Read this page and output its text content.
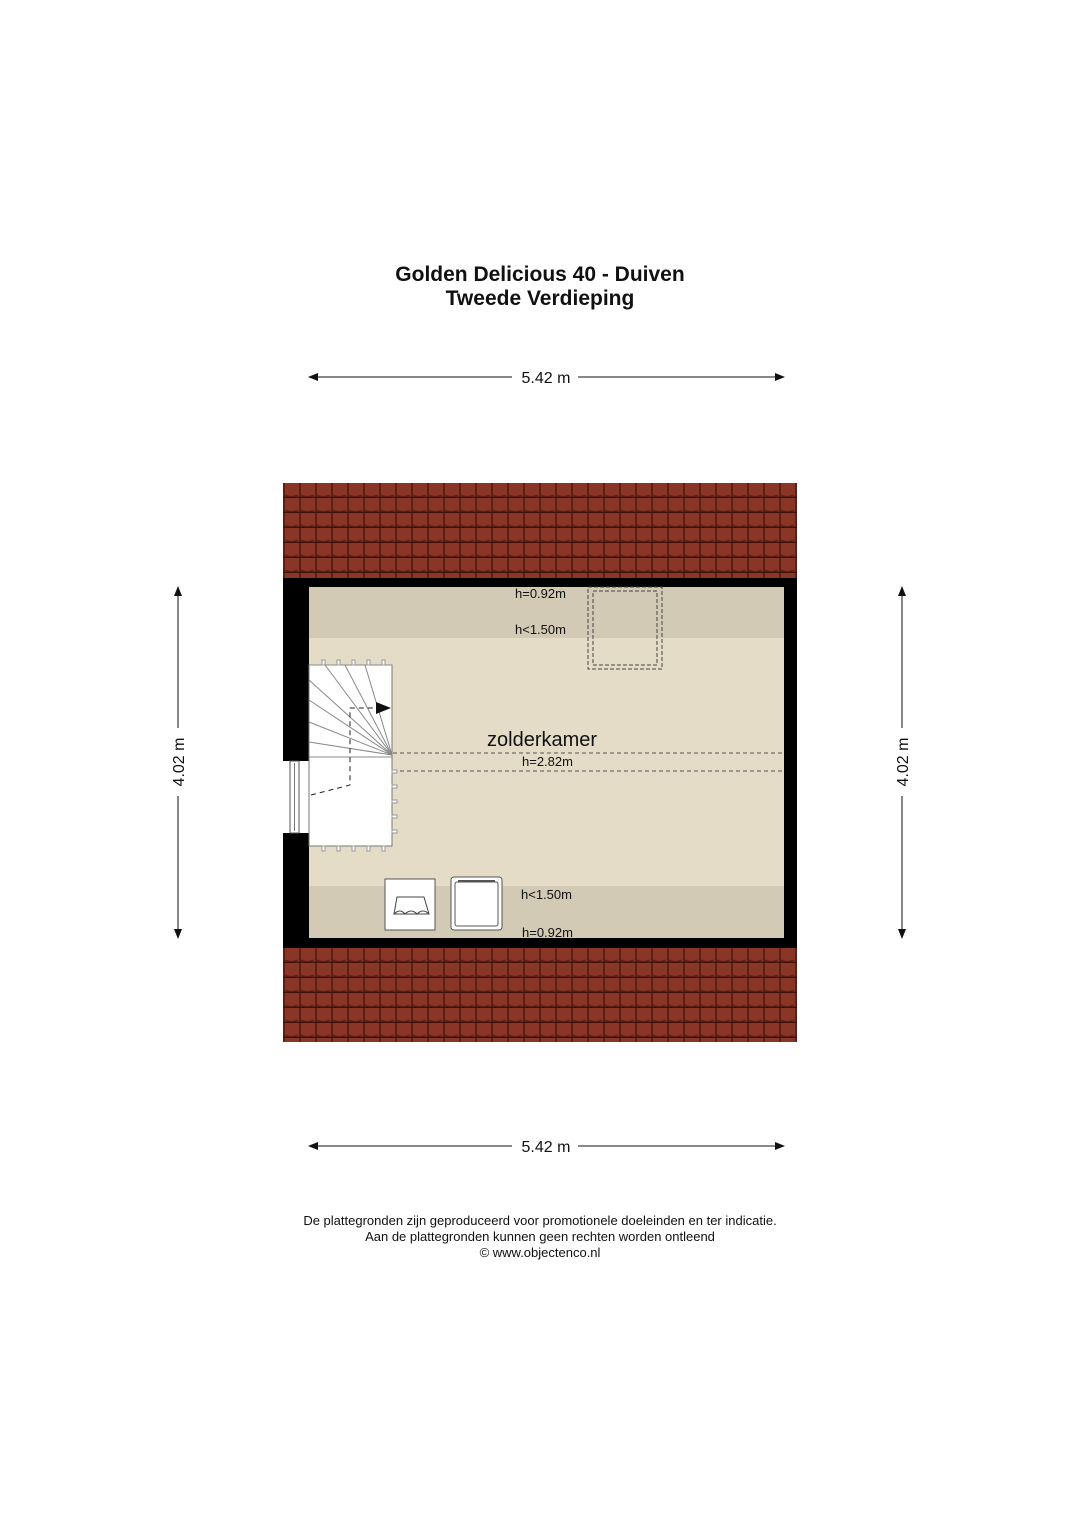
Golden Delicious 40 - Duiven
Tweede Verdieping
h=0.92m
h<1.50m
zolderkamer
h=2.82m
h<1.50m
h=0.92m
5.42 m
5.42 m
4.02 m	4.02 m
De plattegronden zijn geproduceerd voor promotionele doeleinden en ter indicatie.
Aan de plattegronden kunnen geen rechten worden ontleend
© www.objectenco.nl
